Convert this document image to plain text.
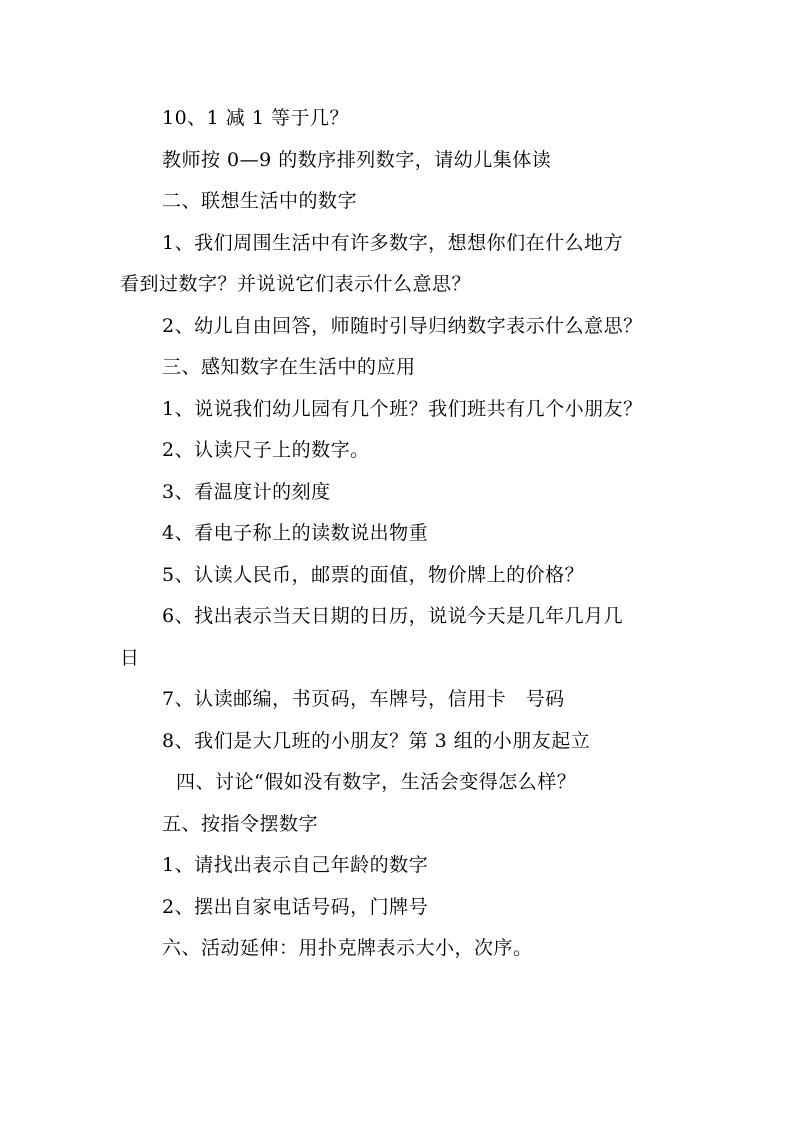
10、1 减 1 等于几？
教师按 0—9 的数序排列数字，请幼儿集体读
二、联想生活中的数字
1、我们周围生活中有许多数字，想想你们在什么地方
看到过数字？并说说它们表示什么意思？
2、幼儿自由回答，师随时引导归纳数字表示什么意思？
三、感知数字在生活中的应用
1、说说我们幼儿园有几个班？我们班共有几个小朋友？
2、认读尺子上的数字。
3、看温度计的刻度
4、看电子称上的读数说出物重
5、认读人民币，邮票的面值，物价牌上的价格？
6、找出表示当天日期的日历，说说今天是几年几月几
日
7、认读邮编，书页码，车牌号，信用卡　号码
8、我们是大几班的小朋友？第 3 组的小朋友起立
四、讨论“假如没有数字，生活会变得怎么样？
五、按指令摆数字
1、请找出表示自己年龄的数字
2、摆出自家电话号码，门牌号
六、活动延伸：用扑克牌表示大小，次序。
